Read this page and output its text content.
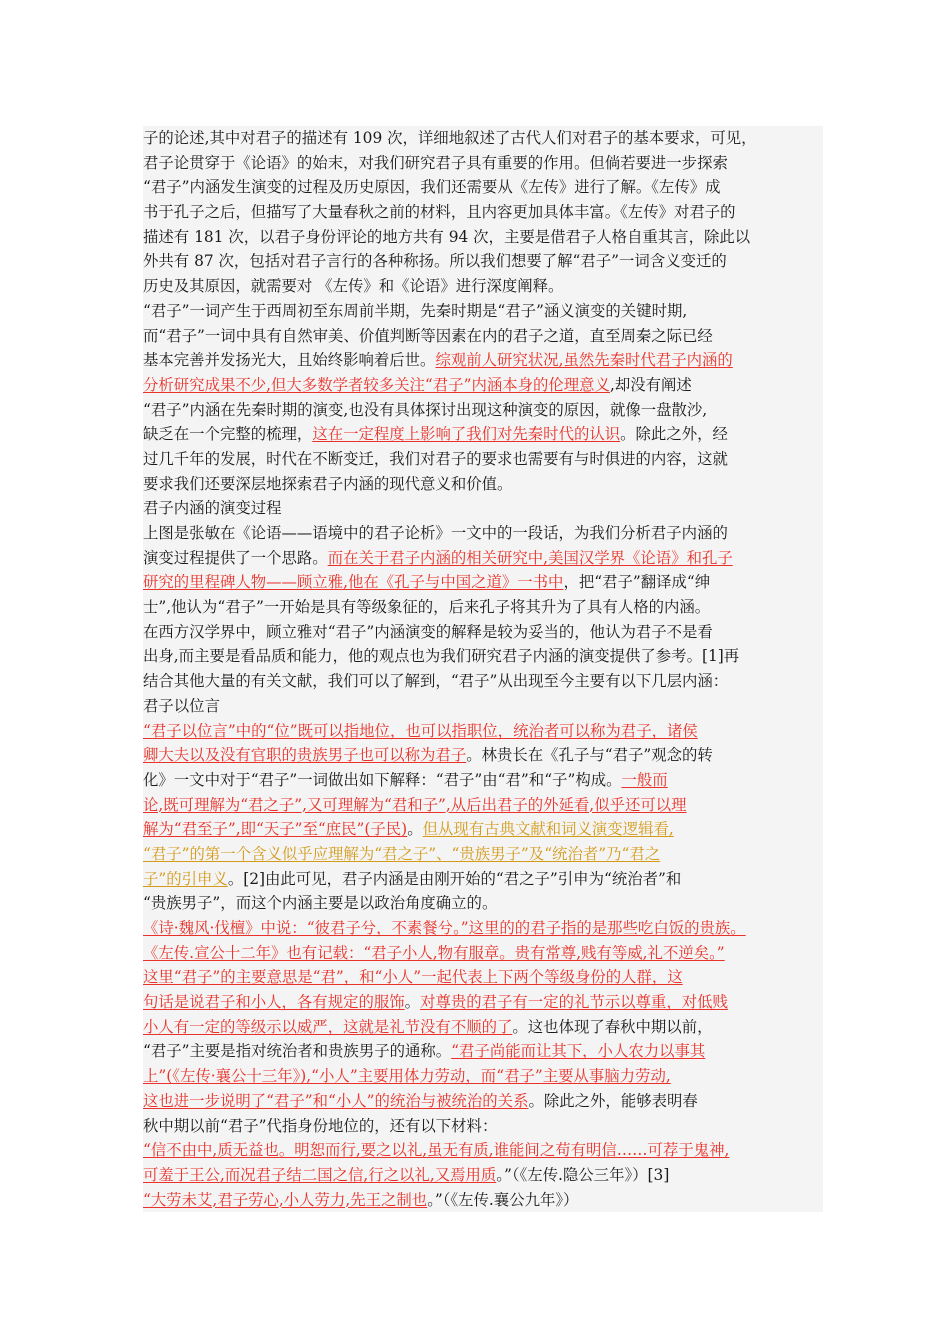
子的论述,其中对君子的描述有 109 次，详细地叙述了古代人们对君子的基本要求，可见，
君子论贯穿于《论语》的始末，对我们研究君子具有重要的作用。但倘若要进一步探索
“君子”内涵发生演变的过程及历史原因，我们还需要从《左传》进行了解。《左传》成
书于孔子之后，但描写了大量春秋之前的材料，且内容更加具体丰富。《左传》对君子的
描述有 181 次，以君子身份评论的地方共有 94 次，主要是借君子人格自重其言，除此以
外共有 87 次，包括对君子言行的各种称扬。所以我们想要了解“君子”一词含义变迁的
历史及其原因，就需要对 《左传》和《论语》进行深度阐释。
“君子”一词产生于西周初至东周前半期，先秦时期是“君子”涵义演变的关键时期,
而“君子”一词中具有自然审美、价值判断等因素在内的君子之道，直至周秦之际已经
基本完善并发扬光大，且始终影响着后世。综观前人研究状况,虽然先秦时代君子内涵的
分析研究成果不少,但大多数学者较多关注“君子”内涵本身的伦理意义,却没有阐述
“君子”内涵在先秦时期的演变,也没有具体探讨出现这种演变的原因，就像一盘散沙,
缺乏在一个完整的梳理，这在一定程度上影响了我们对先秦时代的认识。除此之外，经
过几千年的发展，时代在不断变迁，我们对君子的要求也需要有与时俱进的内容，这就
要求我们还要深层地探索君子内涵的现代意义和价值。
君子内涵的演变过程
上图是张敏在《论语——语境中的君子论析》一文中的一段话，为我们分析君子内涵的
演变过程提供了一个思路。而在关于君子内涵的相关研究中,美国汉学界《论语》和孔子
研究的里程碑人物——顾立雅,他在《孔子与中国之道》一书中，把“君子”翻译成“绅
士”,他认为“君子”一开始是具有等级象征的，后来孔子将其升为了具有人格的内涵。
在西方汉学界中，顾立雅对“君子”内涵演变的解释是较为妥当的，他认为君子不是看
出身,而主要是看品质和能力，他的观点也为我们研究君子内涵的演变提供了参考。[1]再
结合其他大量的有关文献，我们可以了解到，“君子”从出现至今主要有以下几层内涵：
君子以位言
“君子以位言”中的“位”既可以指地位，也可以指职位，统治者可以称为君子，诸侯
卿大夫以及没有官职的贵族男子也可以称为君子。林贵长在《孔子与“君子”观念的转
化》一文中对于“君子”一词做出如下解释：“君子”由“君”和“子”构成。一般而
论,既可理解为“君之子”,又可理解为“君和子”,从后出君子的外延看,似乎还可以理
解为“君至子”,即“天子”至“庶民”(子民)。但从现有古典文献和词义演变逻辑看,
“君子”的第一个含义似乎应理解为“君之子”、“贵族男子”及“统治者”乃“君之
子”的引申义。[2]由此可见，君子内涵是由刚开始的“君之子”引申为“统治者”和
“贵族男子”，而这个内涵主要是以政治角度确立的。
《诗·魏风·伐檀》中说：“彼君子兮，不素餐兮。”这里的的君子指的是那些吃白饭的贵族。
《左传.宣公十二年》也有记载：“君子小人,物有服章。贵有常尊,贱有等威,礼不逆矣。”
这里“君子”的主要意思是“君”，和“小人”一起代表上下两个等级身份的人群，这
句话是说君子和小人，各有规定的服饰。对尊贵的君子有一定的礼节示以尊重，对低贱
小人有一定的等级示以威严，这就是礼节没有不顺的了。这也体现了春秋中期以前，
“君子”主要是指对统治者和贵族男子的通称。“君子尚能而让其下，小人农力以事其
上”(《左传·襄公十三年》),“小人”主要用体力劳动，而“君子”主要从事脑力劳动,
这也进一步说明了“君子”和“小人”的统治与被统治的关系。除此之外，能够表明春
秋中期以前“君子”代指身份地位的，还有以下材料：
“信不由中,质无益也。明恕而行,要之以礼,虽无有质,谁能间之苟有明信……可荐于鬼神,
可羞于王公,而况君子结二国之信,行之以礼,又焉用质。”（《左传.隐公三年》）[3]
“大劳未艾,君子劳心,小人劳力,先王之制也。”（《左传.襄公九年》）
